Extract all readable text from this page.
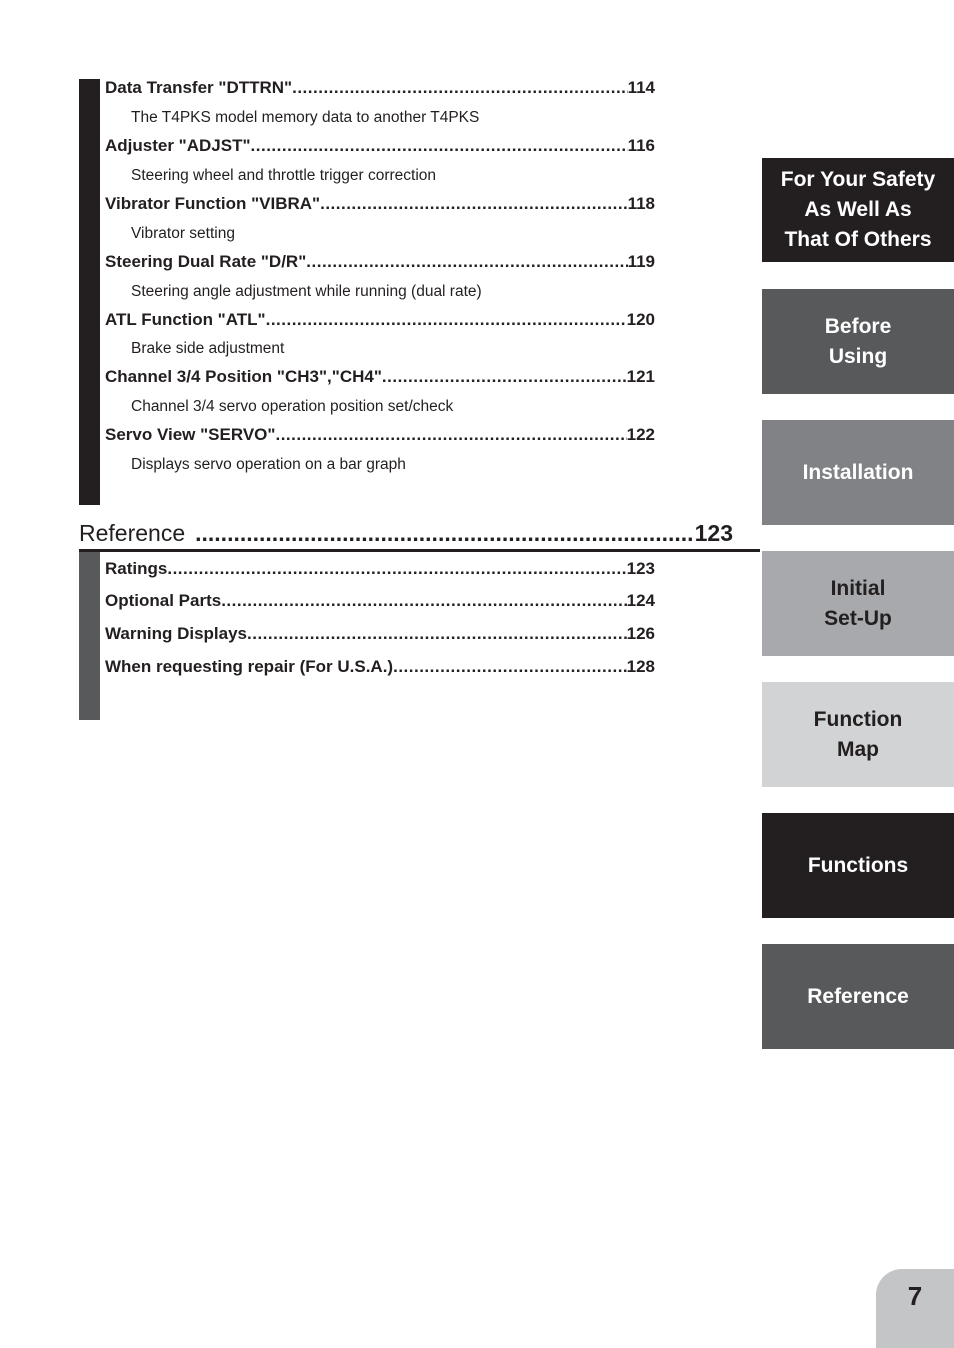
Data Transfer "DTTRN" .....	114
The T4PKS model memory data to another T4PKS
Adjuster "ADJST" .....	116
Steering wheel and throttle trigger correction
Vibrator Function "VIBRA" .....	118
Vibrator setting
Steering Dual Rate "D/R" .....	119
Steering angle adjustment while running (dual rate)
ATL Function "ATL" .....	120
Brake side adjustment
Channel 3/4 Position "CH3","CH4" .....	121
Channel 3/4 servo operation position set/check
Servo View "SERVO" .....	122
Displays servo operation on a bar graph
Reference .....	123
Ratings .....	123
Optional Parts .....	124
Warning Displays .....	126
When requesting repair (For U.S.A.) .....	128
For Your Safety
As Well As
That Of Others
Before
Using
Installation
Initial
Set-Up
Function
Map
Functions
Reference
7
